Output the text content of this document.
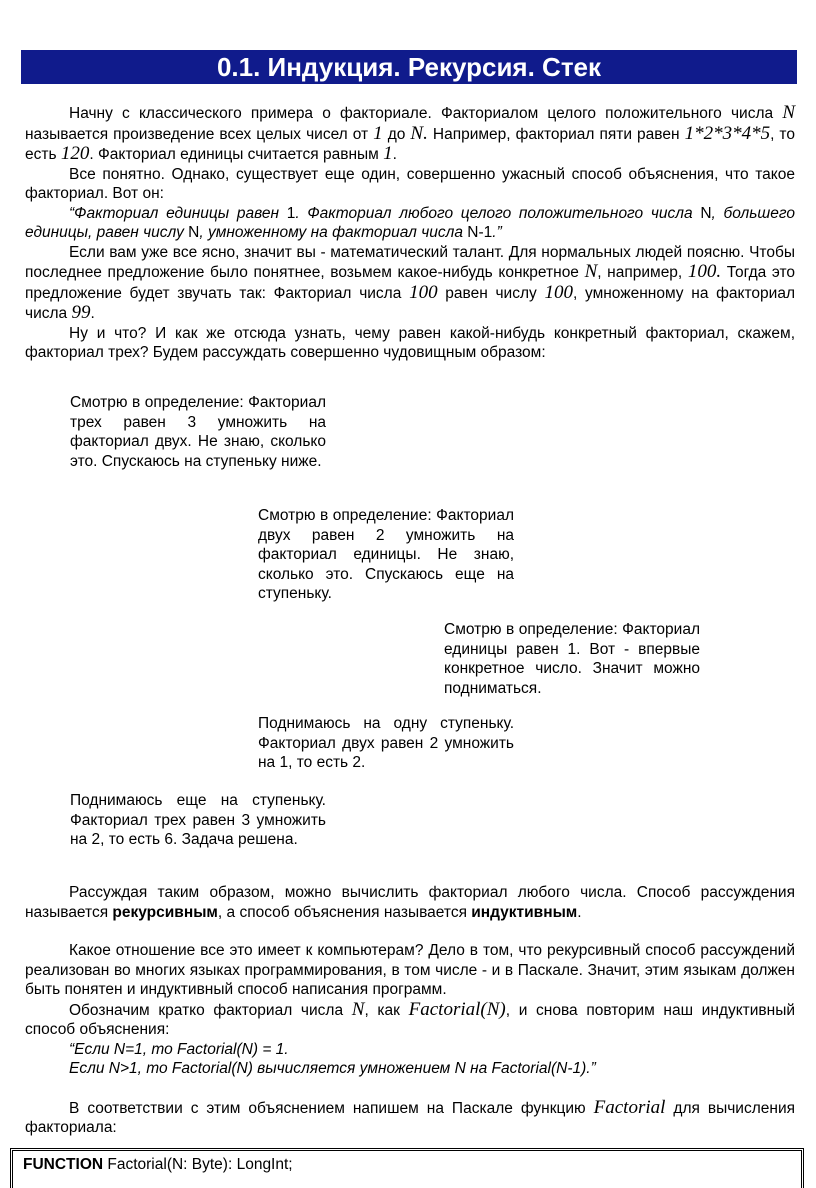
0.1. Индукция. Рекурсия. Стек

Начну с классического примера о факториале. Факториалом целого положительного числа N называется произведение всех целых чисел от 1 до N. Например, факториал пяти равен 1*2*3*4*5, то есть 120. Факториал единицы считается равным 1.

Все понятно. Однако, существует еще один, совершенно ужасный способ объяснения, что такое факториал. Вот он:

“Факториал единицы равен 1. Факториал любого целого положительного числа N, большего единицы, равен числу N, умноженному на факториал числа N-1.”

Если вам уже все ясно, значит вы - математический талант. Для нормальных людей поясню. Чтобы последнее предложение было понятнее, возьмем какое-нибудь конкретное N, например, 100. Тогда это предложение будет звучать так: Факториал числа 100 равен числу 100, умноженному на факториал числа 99.

Ну и что? И как же отсюда узнать, чему равен какой-нибудь конкретный факториал, скажем, факториал трех? Будем рассуждать совершенно чудовищным образом:

Смотрю в определение: Факториал трех равен 3 умножить на факториал двух. Не знаю, сколько это. Спускаюсь на ступеньку ниже.
Смотрю в определение: Факториал двух равен 2 умножить на факториал единицы. Не знаю, сколько это. Спускаюсь еще на ступеньку.
Смотрю в определение: Факториал единицы равен 1. Вот - впервые конкретное число. Значит можно подниматься.
Поднимаюсь на одну ступеньку. Факториал двух равен 2 умножить на 1, то есть 2.
Поднимаюсь еще на ступеньку. Факториал трех равен 3 умножить на 2, то есть 6. Задача решена.

Рассуждая таким образом, можно вычислить факториал любого числа. Способ рассуждения называется рекурсивным, а способ объяснения называется индуктивным.

Какое отношение все это имеет к компьютерам? Дело в том, что рекурсивный способ рассуждений реализован во многих языках программирования, в том числе - и в Паскале. Значит, этим языкам должен быть понятен и индуктивный способ написания программ.

Обозначим кратко факториал числа N, как Factorial(N), и снова повторим наш индуктивный способ объяснения:

“Если N=1, то Factorial(N) = 1.

Если N>1, то Factorial(N) вычисляется умножением N на Factorial(N-1).”

В соответствии с этим объяснением напишем на Паскале функцию Factorial для вычисления факториала:

FUNCTION Factorial(N: Byte): LongInt;
